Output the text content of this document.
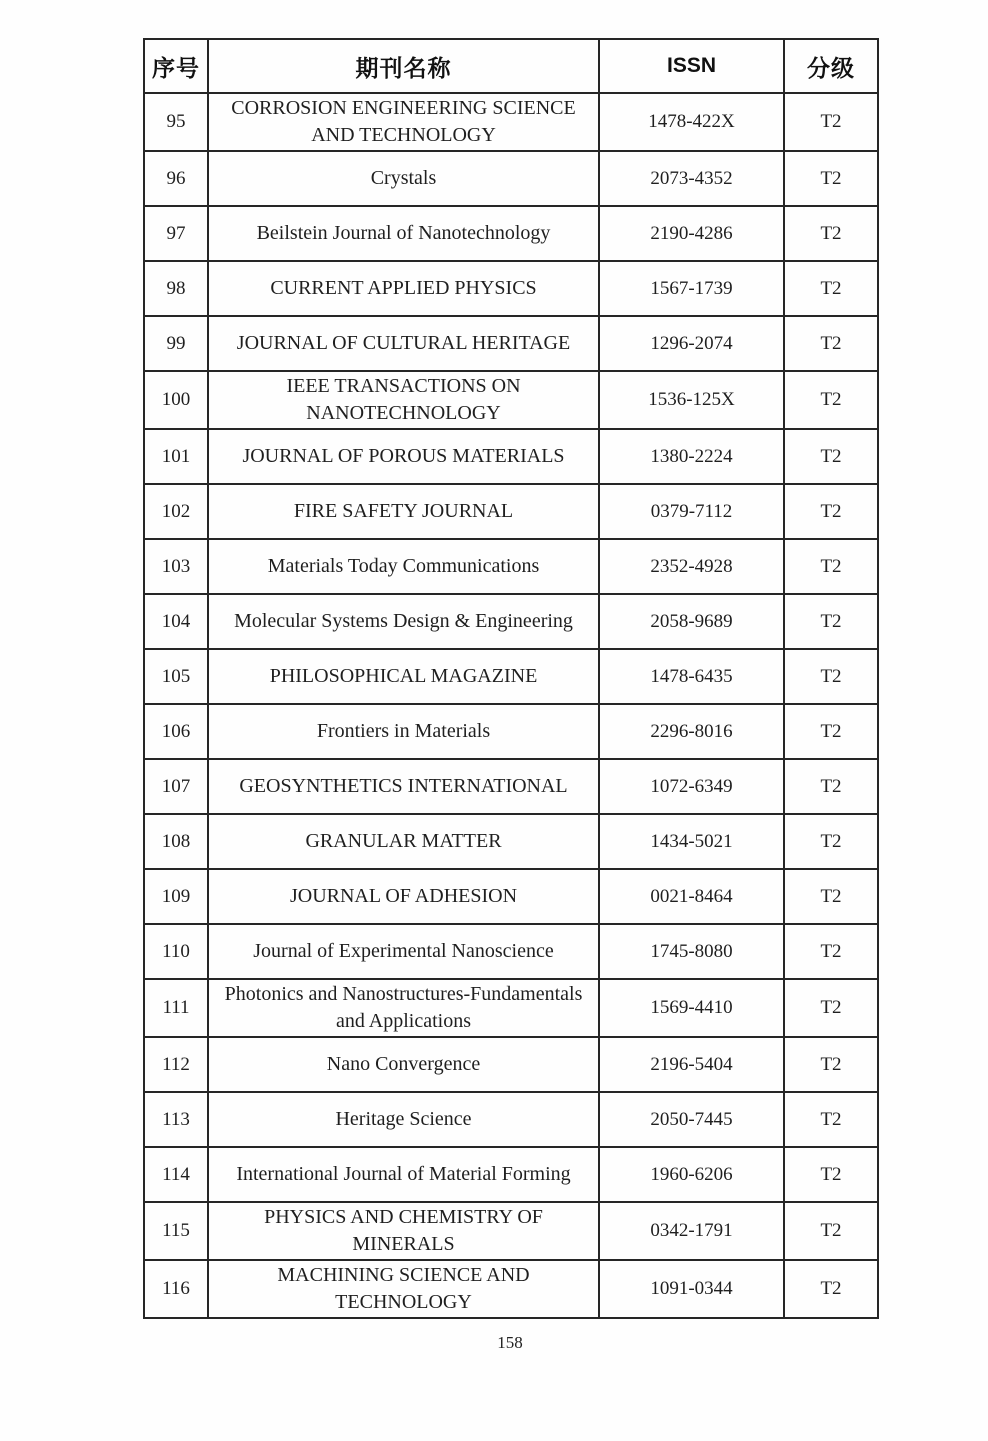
序号	期刊名称	ISSN	分级
95	CORROSION ENGINEERING SCIENCE AND TECHNOLOGY	1478-422X	T2
96	Crystals	2073-4352	T2
97	Beilstein Journal of Nanotechnology	2190-4286	T2
98	CURRENT APPLIED PHYSICS	1567-1739	T2
99	JOURNAL OF CULTURAL HERITAGE	1296-2074	T2
100	IEEE TRANSACTIONS ON NANOTECHNOLOGY	1536-125X	T2
101	JOURNAL OF POROUS MATERIALS	1380-2224	T2
102	FIRE SAFETY JOURNAL	0379-7112	T2
103	Materials Today Communications	2352-4928	T2
104	Molecular Systems Design & Engineering	2058-9689	T2
105	PHILOSOPHICAL MAGAZINE	1478-6435	T2
106	Frontiers in Materials	2296-8016	T2
107	GEOSYNTHETICS INTERNATIONAL	1072-6349	T2
108	GRANULAR MATTER	1434-5021	T2
109	JOURNAL OF ADHESION	0021-8464	T2
110	Journal of Experimental Nanoscience	1745-8080	T2
111	Photonics and Nanostructures-Fundamentals and Applications	1569-4410	T2
112	Nano Convergence	2196-5404	T2
113	Heritage Science	2050-7445	T2
114	International Journal of Material Forming	1960-6206	T2
115	PHYSICS AND CHEMISTRY OF MINERALS	0342-1791	T2
116	MACHINING SCIENCE AND TECHNOLOGY	1091-0344	T2
158
